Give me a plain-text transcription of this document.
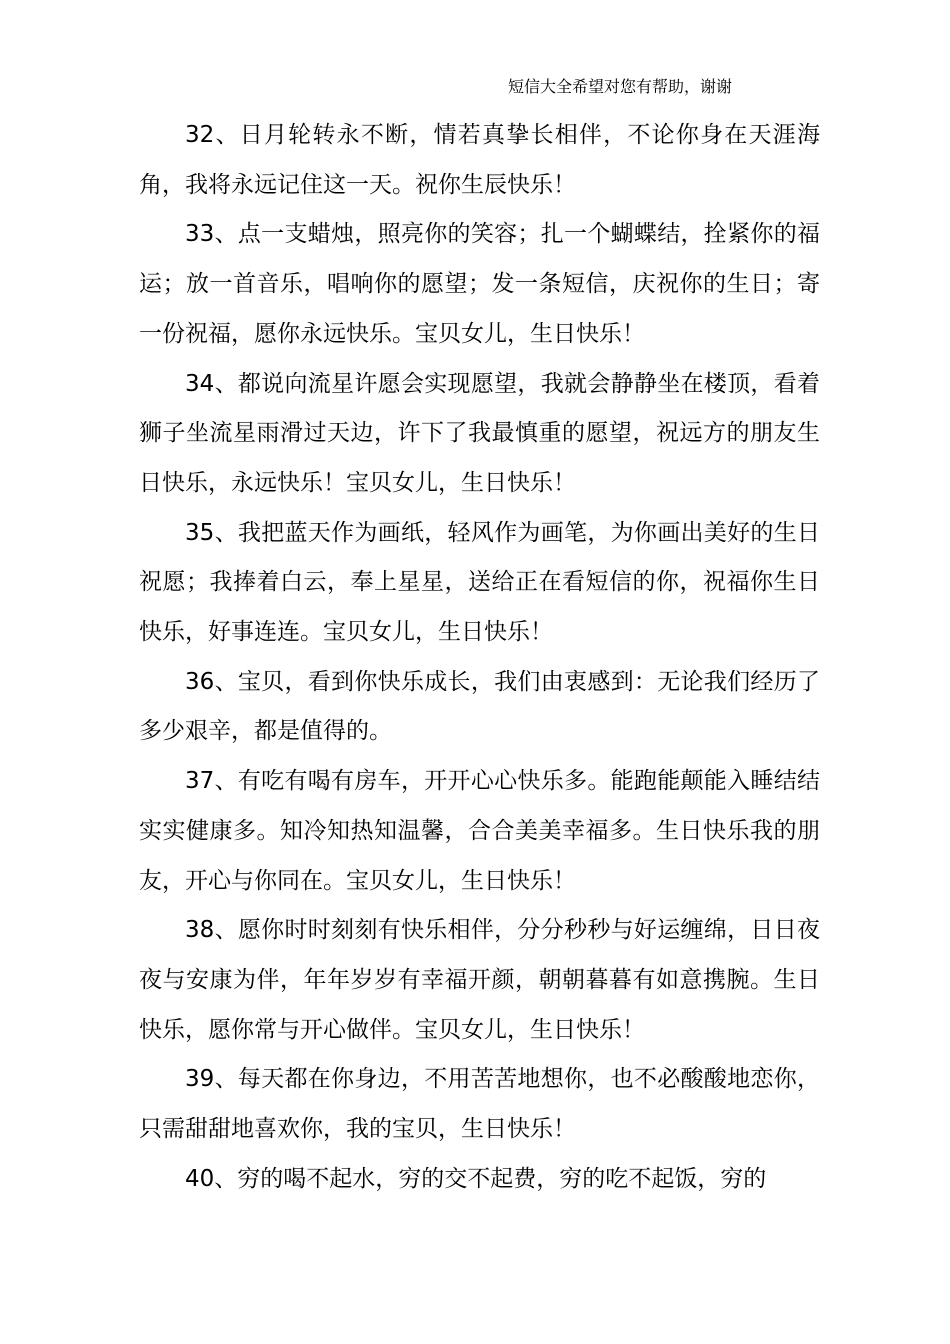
短信大全希望对您有帮助，谢谢

32、日月轮转永不断，情若真挚长相伴，不论你身在天涯海角，我将永远记住这一天。祝你生辰快乐！

33、点一支蜡烛，照亮你的笑容；扎一个蝴蝶结，拴紧你的福运；放一首音乐，唱响你的愿望；发一条短信，庆祝你的生日；寄一份祝福，愿你永远快乐。宝贝女儿，生日快乐！

34、都说向流星许愿会实现愿望，我就会静静坐在楼顶，看着狮子坐流星雨滑过天边，许下了我最慎重的愿望，祝远方的朋友生日快乐，永远快乐！宝贝女儿，生日快乐！

35、我把蓝天作为画纸，轻风作为画笔，为你画出美好的生日祝愿；我捧着白云，奉上星星，送给正在看短信的你，祝福你生日快乐，好事连连。宝贝女儿，生日快乐！

36、宝贝，看到你快乐成长，我们由衷感到：无论我们经历了多少艰辛，都是值得的。

37、有吃有喝有房车，开开心心快乐多。能跑能颠能入睡结结实实健康多。知冷知热知温馨，合合美美幸福多。生日快乐我的朋友，开心与你同在。宝贝女儿，生日快乐！

38、愿你时时刻刻有快乐相伴，分分秒秒与好运缠绵，日日夜夜与安康为伴，年年岁岁有幸福开颜，朝朝暮暮有如意携腕。生日快乐，愿你常与开心做伴。宝贝女儿，生日快乐！

39、每天都在你身边，不用苦苦地想你，也不必酸酸地恋你，只需甜甜地喜欢你，我的宝贝，生日快乐！

40、穷的喝不起水，穷的交不起费，穷的吃不起饭，穷的
